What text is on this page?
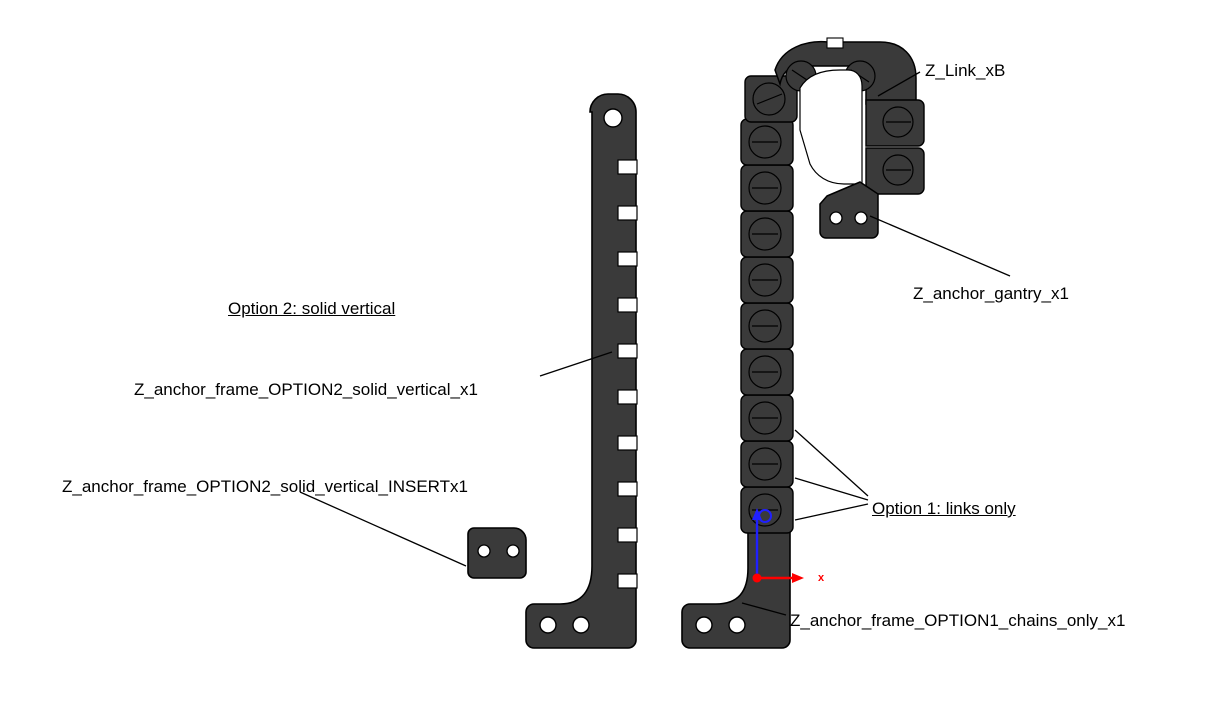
Option 2: solid vertical
Z_anchor_frame_OPTION2_solid_vertical_x1
Z_anchor_frame_OPTION2_solid_vertical_INSERTx1
Z_Link_xB
Z_anchor_gantry_x1
Option 1: links only
Z_anchor_frame_OPTION1_chains_only_x1
x
